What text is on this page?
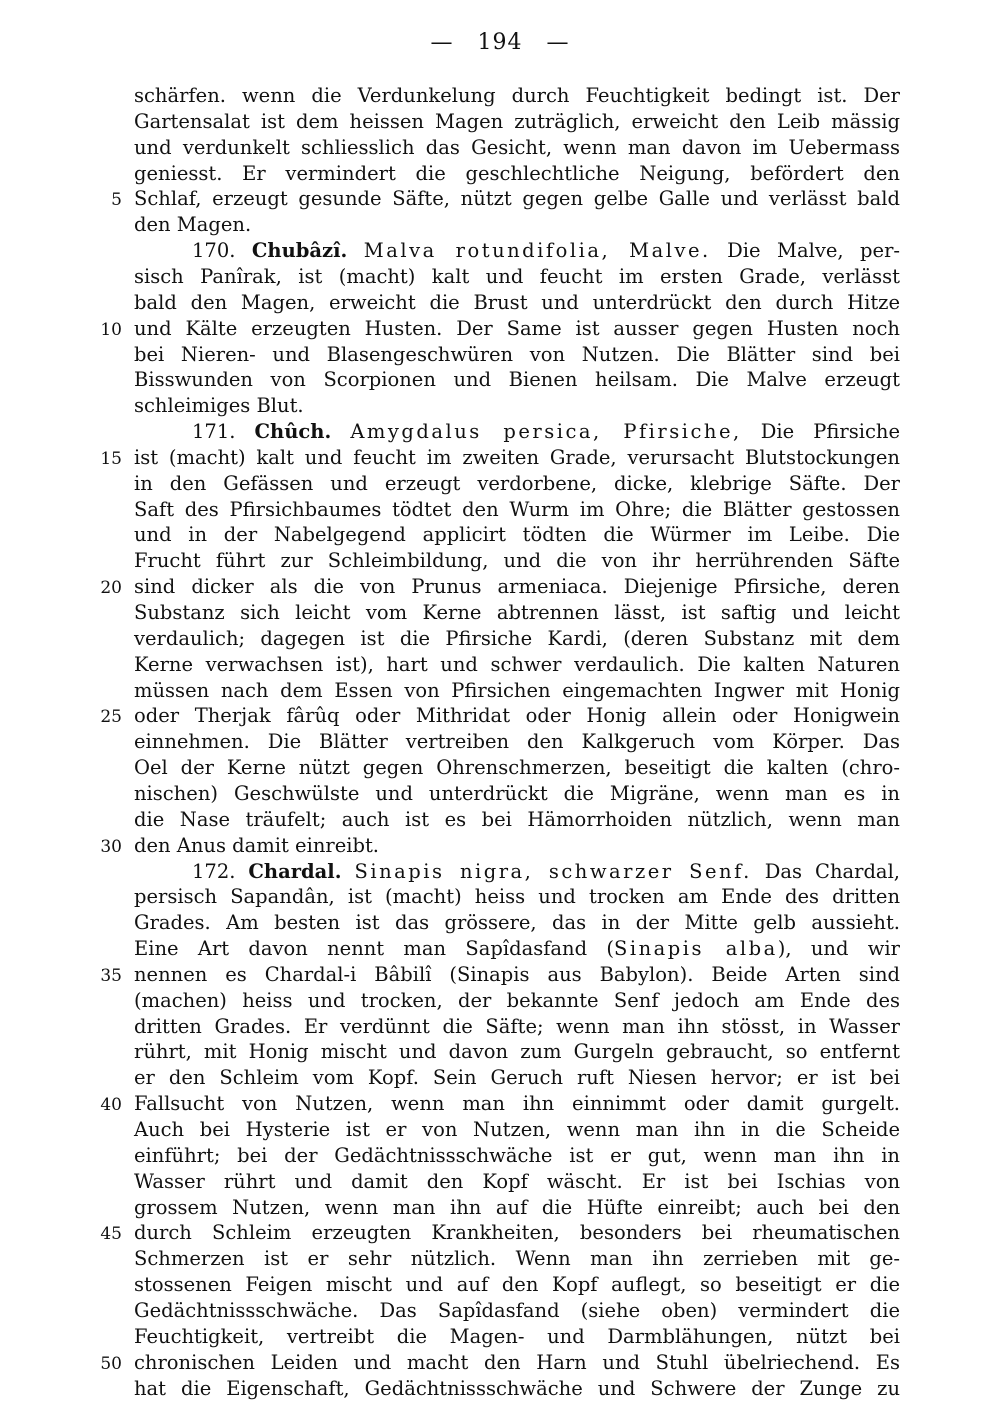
— 194 —
schärfen. wenn die Verdunkelung durch Feuchtigkeit bedingt ist. Der
Gartensalat ist dem heissen Magen zuträglich, erweicht den Leib mässig
und verdunkelt schliesslich das Gesicht, wenn man davon im Uebermass
geniesst. Er vermindert die geschlechtliche Neigung, befördert den
Schlaf, erzeugt gesunde Säfte, nützt gegen gelbe Galle und verlässt bald
5
den Magen.
170. Chubâzî. Malva rotundifolia, Malve. Die Malve, per-
sisch Panîrak, ist (macht) kalt und feucht im ersten Grade, verlässt
bald den Magen, erweicht die Brust und unterdrückt den durch Hitze
und Kälte erzeugten Husten. Der Same ist ausser gegen Husten noch
10
bei Nieren- und Blasengeschwüren von Nutzen. Die Blätter sind bei
Bisswunden von Scorpionen und Bienen heilsam. Die Malve erzeugt
schleimiges Blut.
171. Chûch. Amygdalus persica, Pfirsiche, Die Pfirsiche
ist (macht) kalt und feucht im zweiten Grade, verursacht Blutstockungen
15
in den Gefässen und erzeugt verdorbene, dicke, klebrige Säfte. Der
Saft des Pfirsichbaumes tödtet den Wurm im Ohre; die Blätter gestossen
und in der Nabelgegend applicirt tödten die Würmer im Leibe. Die
Frucht führt zur Schleimbildung, und die von ihr herrührenden Säfte
sind dicker als die von Prunus armeniaca. Diejenige Pfirsiche, deren
20
Substanz sich leicht vom Kerne abtrennen lässt, ist saftig und leicht
verdaulich; dagegen ist die Pfirsiche Kardi, (deren Substanz mit dem
Kerne verwachsen ist), hart und schwer verdaulich. Die kalten Naturen
müssen nach dem Essen von Pfirsichen eingemachten Ingwer mit Honig
oder Therjak fârûq oder Mithridat oder Honig allein oder Honigwein
25
einnehmen. Die Blätter vertreiben den Kalkgeruch vom Körper. Das
Oel der Kerne nützt gegen Ohrenschmerzen, beseitigt die kalten (chro-
nischen) Geschwülste und unterdrückt die Migräne, wenn man es in
die Nase träufelt; auch ist es bei Hämorrhoiden nützlich, wenn man
den Anus damit einreibt.
30
172. Chardal. Sinapis nigra, schwarzer Senf. Das Chardal,
persisch Sapandân, ist (macht) heiss und trocken am Ende des dritten
Grades. Am besten ist das grössere, das in der Mitte gelb aussieht.
Eine Art davon nennt man Sapîdasfand (Sinapis alba), und wir
nennen es Chardal-i Bâbilî (Sinapis aus Babylon). Beide Arten sind
35
(machen) heiss und trocken, der bekannte Senf jedoch am Ende des
dritten Grades. Er verdünnt die Säfte; wenn man ihn stösst, in Wasser
rührt, mit Honig mischt und davon zum Gurgeln gebraucht, so entfernt
er den Schleim vom Kopf. Sein Geruch ruft Niesen hervor; er ist bei
Fallsucht von Nutzen, wenn man ihn einnimmt oder damit gurgelt.
40
Auch bei Hysterie ist er von Nutzen, wenn man ihn in die Scheide
einführt; bei der Gedächtnissschwäche ist er gut, wenn man ihn in
Wasser rührt und damit den Kopf wäscht. Er ist bei Ischias von
grossem Nutzen, wenn man ihn auf die Hüfte einreibt; auch bei den
durch Schleim erzeugten Krankheiten, besonders bei rheumatischen
45
Schmerzen ist er sehr nützlich. Wenn man ihn zerrieben mit ge-
stossenen Feigen mischt und auf den Kopf auflegt, so beseitigt er die
Gedächtnissschwäche. Das Sapîdasfand (siehe oben) vermindert die
Feuchtigkeit, vertreibt die Magen- und Darmblähungen, nützt bei
chronischen Leiden und macht den Harn und Stuhl übelriechend. Es
50
hat die Eigenschaft, Gedächtnissschwäche und Schwere der Zunge zu
